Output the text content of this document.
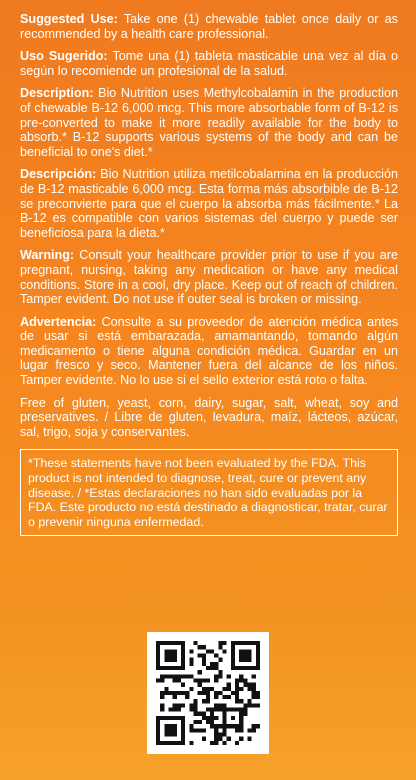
Suggested Use: Take one (1) chewable tablet once daily or as recommended by a health care professional.

Uso Sugerido: Tome una (1) tableta masticable una vez al día o según lo recomiende un profesional de la salud.

Description: Bio Nutrition uses Methylcobalamin in the production of chewable B-12 6,000 mcg. This more absorbable form of B-12 is pre-converted to make it more readily available for the body to absorb.* B-12 supports various systems of the body and can be beneficial to one's diet.*

Descripción: Bio Nutrition utiliza metilcobalamina en la producción de B-12 masticable 6,000 mcg. Esta forma más absorbible de B-12 se preconvierte para que el cuerpo la absorba más fácilmente.* La B-12 es compatible con varios sistemas del cuerpo y puede ser beneficiosa para la dieta.*

Warning: Consult your healthcare provider prior to use if you are pregnant, nursing, taking any medication or have any medical conditions. Store in a cool, dry place. Keep out of reach of children. Tamper evident. Do not use if outer seal is broken or missing.

Advertencia: Consulte a su proveedor de atención médica antes de usar si está embarazada, amamantando, tomando algún medicamento o tiene alguna condición médica. Guardar en un lugar fresco y seco. Mantener fuera del alcance de los niños. Tamper evidente. No lo use si el sello exterior está roto o falta.

Free of gluten, yeast, corn, dairy, sugar, salt, wheat, soy and preservatives. / Libre de gluten, levadura, maíz, lácteos, azúcar, sal, trigo, soja y conservantes.

*These statements have not been evaluated by the FDA. This product is not intended to diagnose, treat, cure or prevent any disease. / *Estas declaraciones no han sido evaluadas por la FDA. Este producto no está destinado a diagnosticar, tratar, curar o prevenir ninguna enfermedad.
